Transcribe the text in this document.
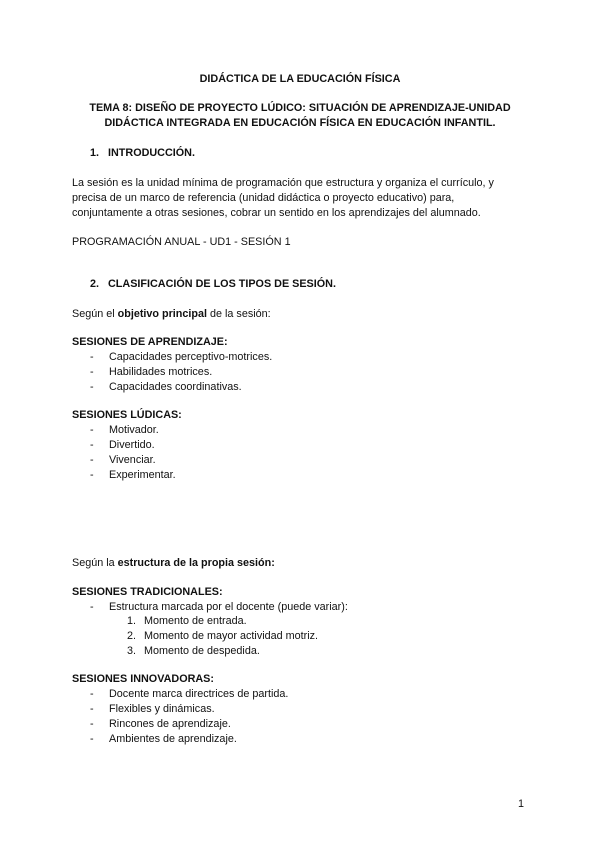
DIDÁCTICA DE LA EDUCACIÓN FÍSICA

TEMA 8: DISEÑO DE PROYECTO LÚDICO: SITUACIÓN DE APRENDIZAJE-UNIDAD

DIDÁCTICA INTEGRADA EN EDUCACIÓN FÍSICA EN EDUCACIÓN INFANTIL.

1. INTRODUCCIÓN.

La sesión es la unidad mínima de programación que estructura y organiza el currículo, y

precisa de un marco de referencia (unidad didáctica o proyecto educativo) para,

conjuntamente a otras sesiones, cobrar un sentido en los aprendizajes del alumnado.

PROGRAMACIÓN ANUAL - UD1 - SESIÓN 1

2. CLASIFICACIÓN DE LOS TIPOS DE SESIÓN.

Según el objetivo principal de la sesión:

SESIONES DE APRENDIZAJE:

- Capacidades perceptivo-motrices.

- Habilidades motrices.

- Capacidades coordinativas.

SESIONES LÚDICAS:

- Motivador.

- Divertido.

- Vivenciar.

- Experimentar.

Según la estructura de la propia sesión:

SESIONES TRADICIONALES:

- Estructura marcada por el docente (puede variar):

1. Momento de entrada.

2. Momento de mayor actividad motriz.

3. Momento de despedida.

SESIONES INNOVADORAS:

- Docente marca directrices de partida.

- Flexibles y dinámicas.

- Rincones de aprendizaje.

- Ambientes de aprendizaje.

1
